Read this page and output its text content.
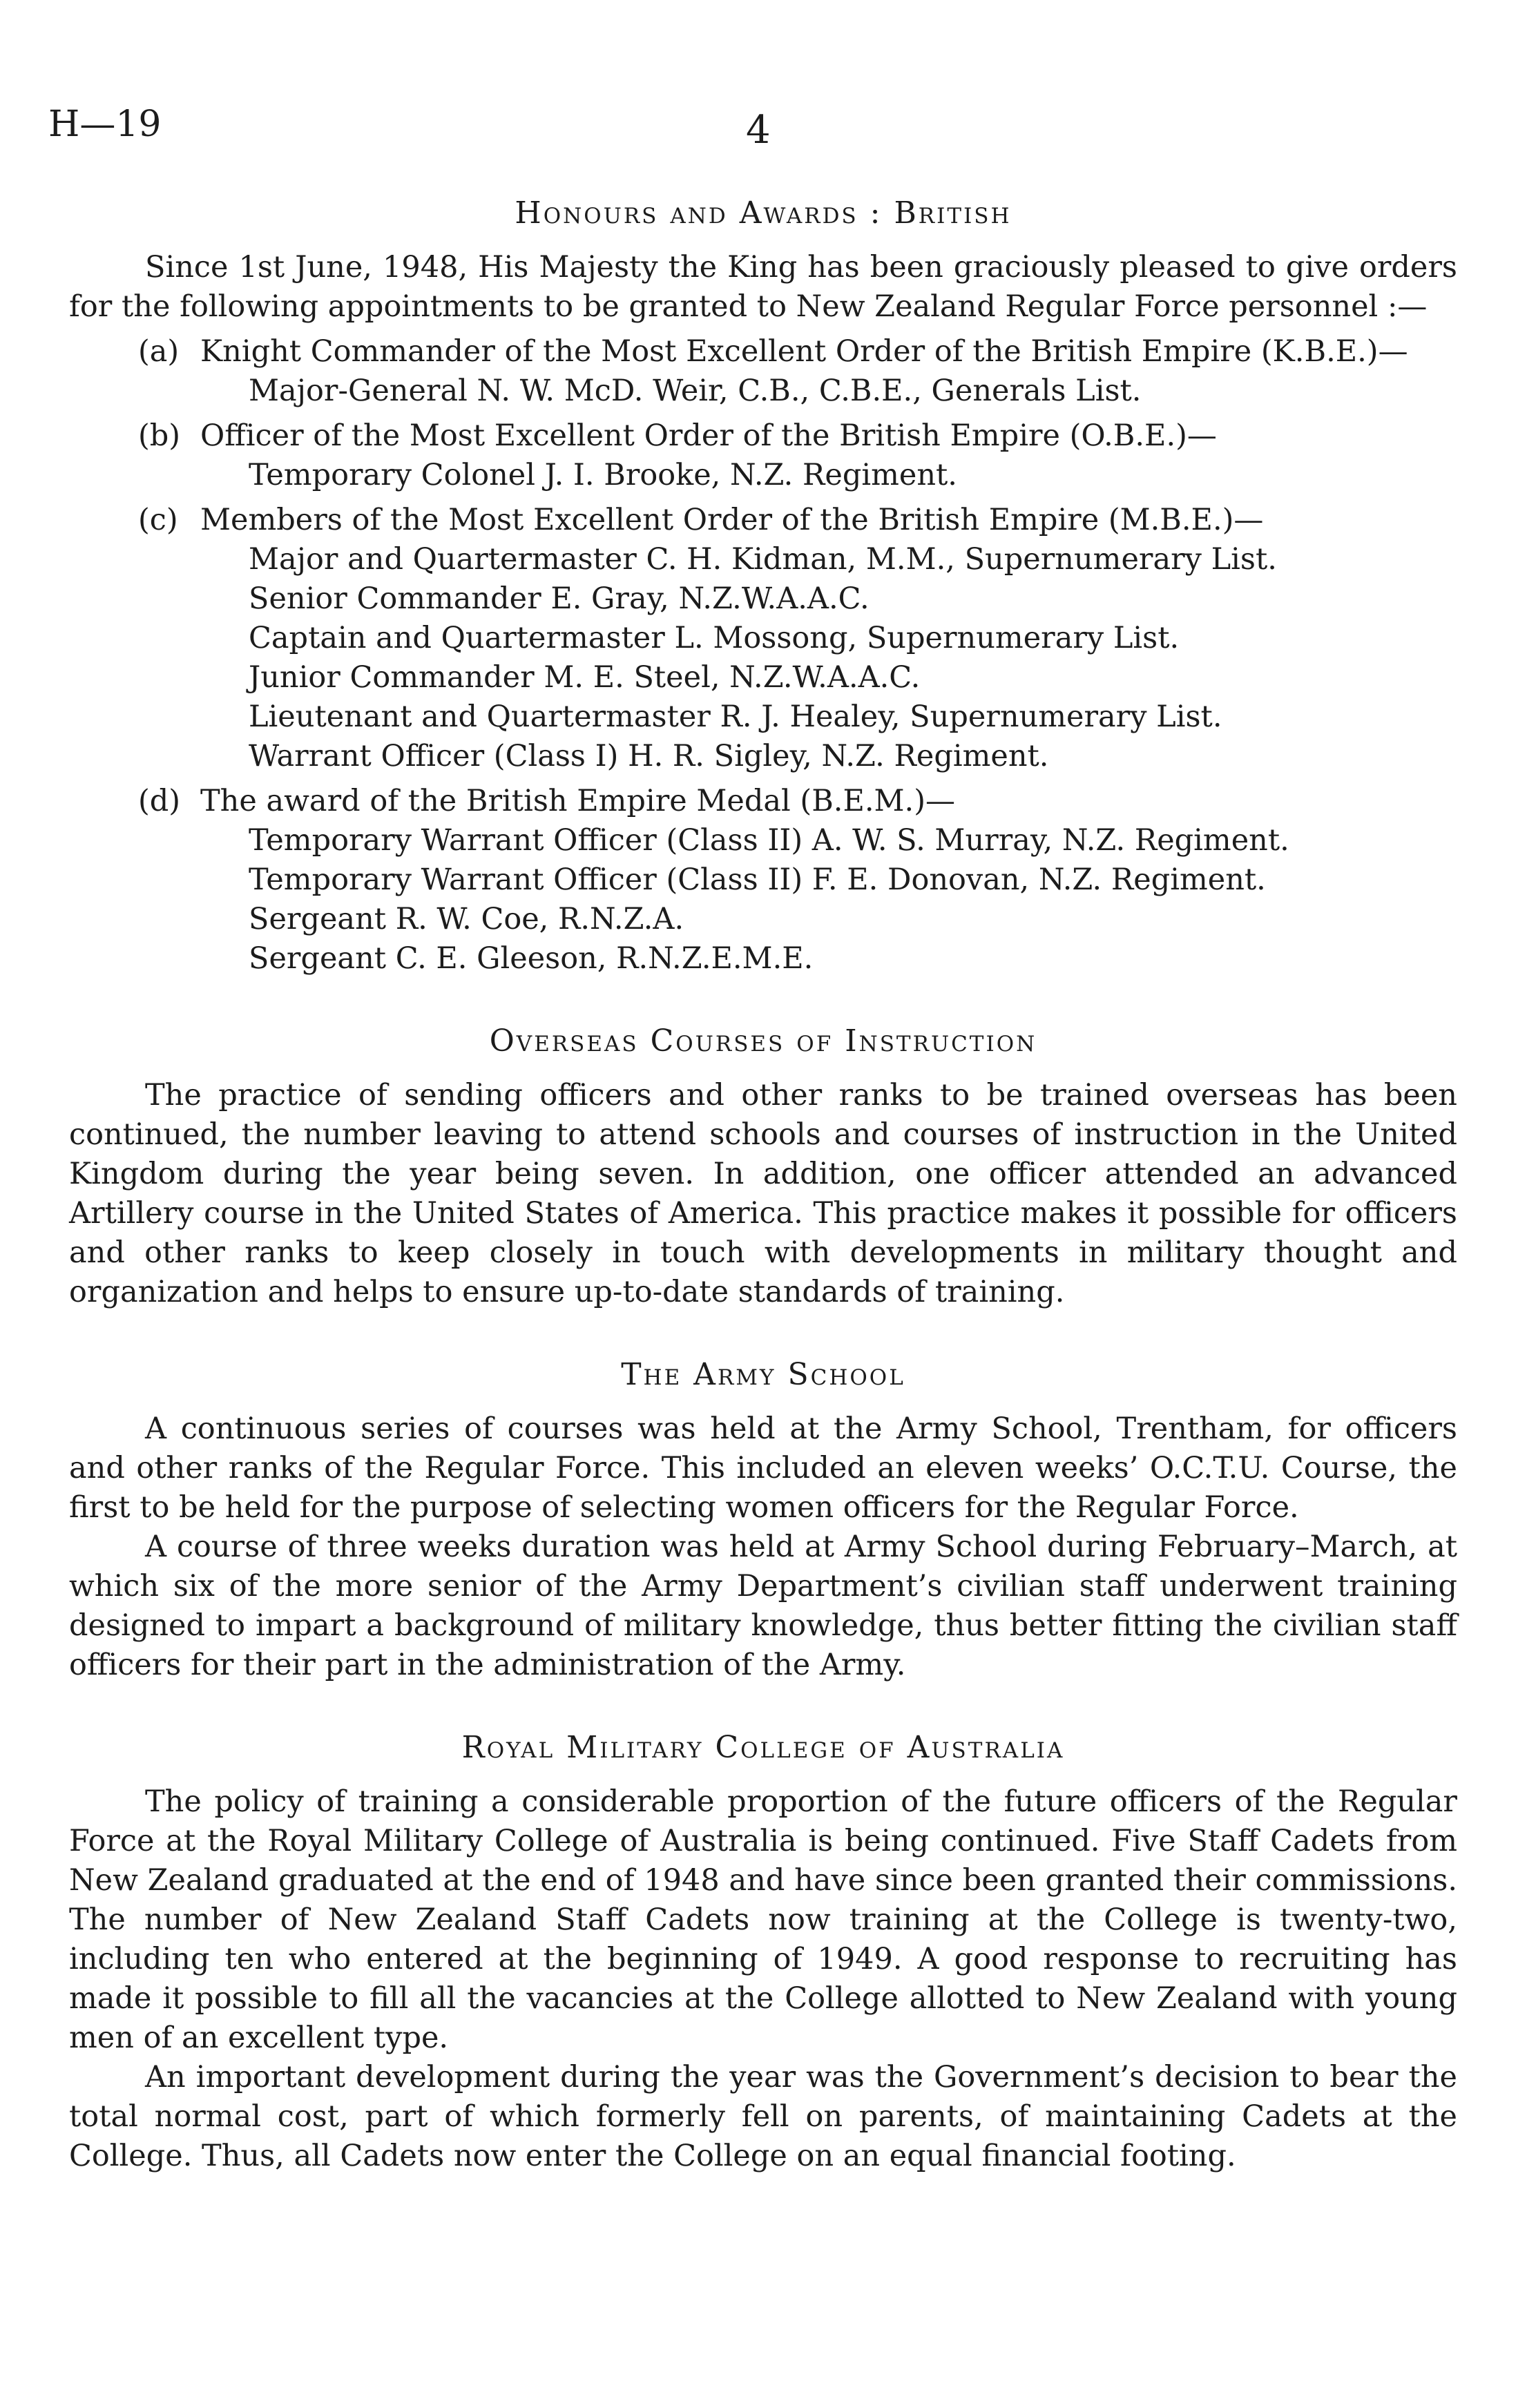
H—19	4
Honours and Awards : British

Since 1st June, 1948, His Majesty the King has been graciously pleased to give orders for the following appointments to be granted to New Zealand Regular Force personnel :—

(a) Knight Commander of the Most Excellent Order of the British Empire (K.B.E.)—
Major-General N. W. McD. Weir, C.B., C.B.E., Generals List.
(b) Officer of the Most Excellent Order of the British Empire (O.B.E.)—
Temporary Colonel J. I. Brooke, N.Z. Regiment.
(c) Members of the Most Excellent Order of the British Empire (M.B.E.)—
Major and Quartermaster C. H. Kidman, M.M., Supernumerary List.
Senior Commander E. Gray, N.Z.W.A.A.C.
Captain and Quartermaster L. Mossong, Supernumerary List.
Junior Commander M. E. Steel, N.Z.W.A.A.C.
Lieutenant and Quartermaster R. J. Healey, Supernumerary List.
Warrant Officer (Class I) H. R. Sigley, N.Z. Regiment.
(d) The award of the British Empire Medal (B.E.M.)—
Temporary Warrant Officer (Class II) A. W. S. Murray, N.Z. Regiment.
Temporary Warrant Officer (Class II) F. E. Donovan, N.Z. Regiment.
Sergeant R. W. Coe, R.N.Z.A.
Sergeant C. E. Gleeson, R.N.Z.E.M.E.
Overseas Courses of Instruction

The practice of sending officers and other ranks to be trained overseas has been continued, the number leaving to attend schools and courses of instruction in the United Kingdom during the year being seven. In addition, one officer attended an advanced Artillery course in the United States of America. This practice makes it possible for officers and other ranks to keep closely in touch with developments in military thought and organization and helps to ensure up-to-date standards of training.

The Army School

A continuous series of courses was held at the Army School, Trentham, for officers and other ranks of the Regular Force. This included an eleven weeks’ O.C.T.U. Course, the first to be held for the purpose of selecting women officers for the Regular Force.

A course of three weeks duration was held at Army School during February–March, at which six of the more senior of the Army Department’s civilian staff underwent training designed to impart a background of military knowledge, thus better fitting the civilian staff officers for their part in the administration of the Army.

Royal Military College of Australia

The policy of training a considerable proportion of the future officers of the Regular Force at the Royal Military College of Australia is being continued. Five Staff Cadets from New Zealand graduated at the end of 1948 and have since been granted their commissions. The number of New Zealand Staff Cadets now training at the College is twenty-two, including ten who entered at the beginning of 1949. A good response to recruiting has made it possible to fill all the vacancies at the College allotted to New Zealand with young men of an excellent type.

An important development during the year was the Government’s decision to bear the total normal cost, part of which formerly fell on parents, of maintaining Cadets at the College. Thus, all Cadets now enter the College on an equal financial footing.
